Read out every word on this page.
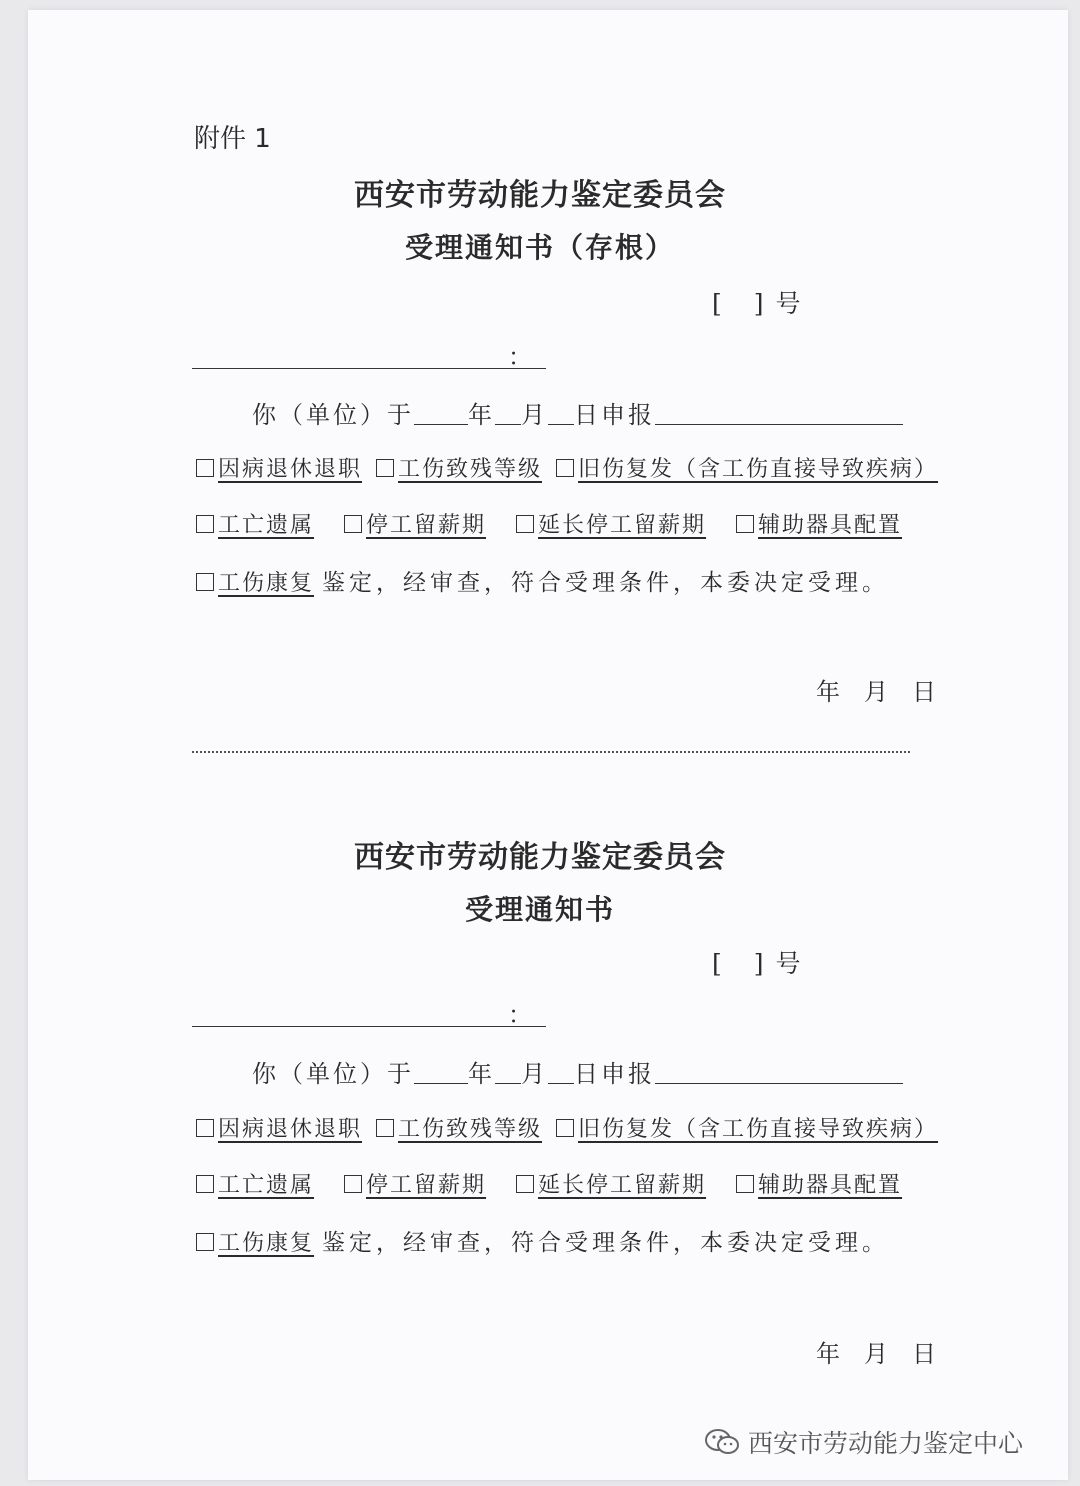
附件 1
西安市劳动能力鉴定委员会
受理通知书（存根）
[ ] 号
：
你（单位）于 年 月 日申报
因病退休退职 工伤致残等级 旧伤复发（含工伤直接导致疾病）
工亡遗属 停工留薪期 延长停工留薪期 辅助器具配置
工伤康复 鉴定，经审查，符合受理条件，本委决定受理。
年 月 日
西安市劳动能力鉴定委员会
受理通知书
[ ] 号
：
你（单位）于 年 月 日申报
因病退休退职 工伤致残等级 旧伤复发（含工伤直接导致疾病）
工亡遗属 停工留薪期 延长停工留薪期 辅助器具配置
工伤康复 鉴定，经审查，符合受理条件，本委决定受理。
年 月 日
西安市劳动能力鉴定中心
